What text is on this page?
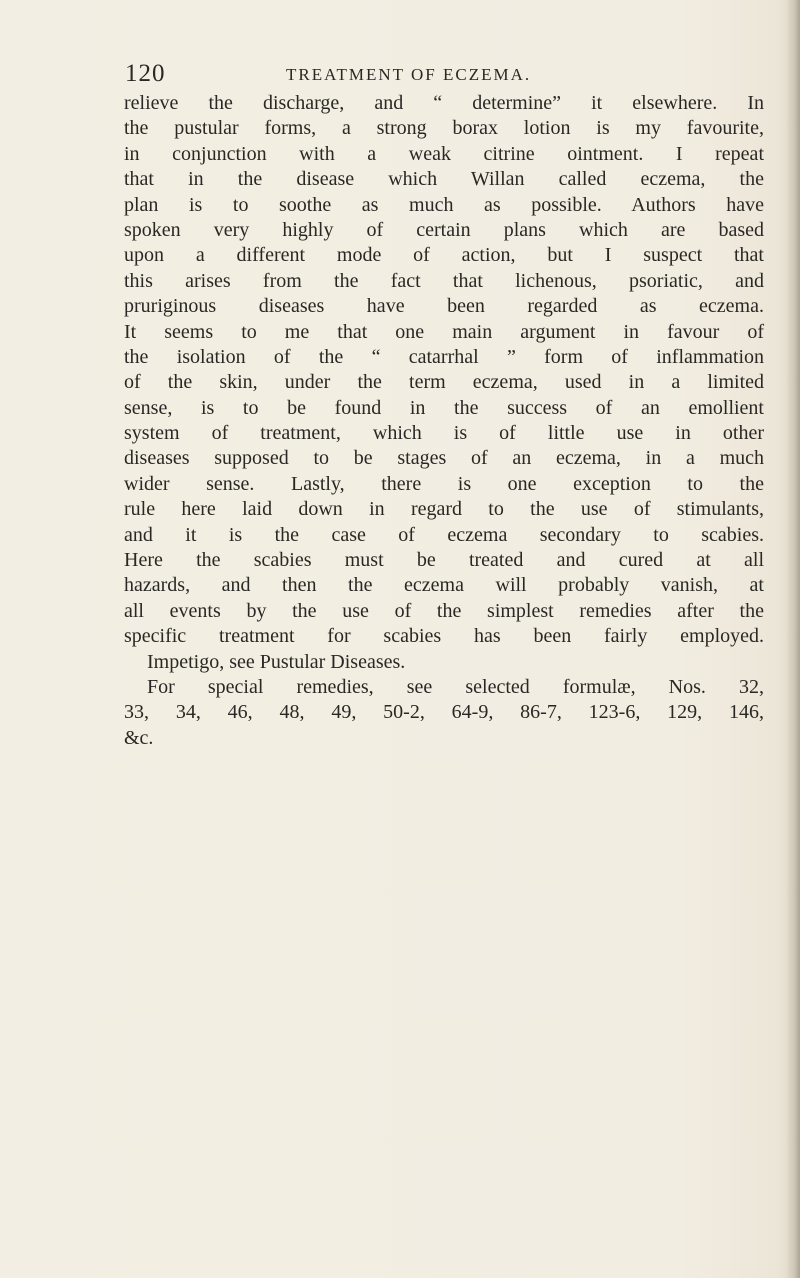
120	TREATMENT OF ECZEMA.
relieve the discharge, and “ determine” it elsewhere. In
the pustular forms, a strong borax lotion is my favourite,
in conjunction with a weak citrine ointment. I repeat
that in the disease which Willan called eczema, the
plan is to soothe as much as possible. Authors have
spoken very highly of certain plans which are based
upon a different mode of action, but I suspect that
this arises from the fact that lichenous, psoriatic, and
pruriginous diseases have been regarded as eczema.
It seems to me that one main argument in favour of
the isolation of the “ catarrhal ” form of inflammation
of the skin, under the term eczema, used in a limited
sense, is to be found in the success of an emollient
system of treatment, which is of little use in other
diseases supposed to be stages of an eczema, in a much
wider sense. Lastly, there is one exception to the
rule here laid down in regard to the use of stimulants,
and it is the case of eczema secondary to scabies.
Here the scabies must be treated and cured at all
hazards, and then the eczema will probably vanish, at
all events by the use of the simplest remedies after the
specific treatment for scabies has been fairly employed.
Impetigo, see Pustular Diseases.
For special remedies, see selected formulæ, Nos. 32,
33, 34, 46, 48, 49, 50-2, 64-9, 86-7, 123-6, 129, 146,
&c.
